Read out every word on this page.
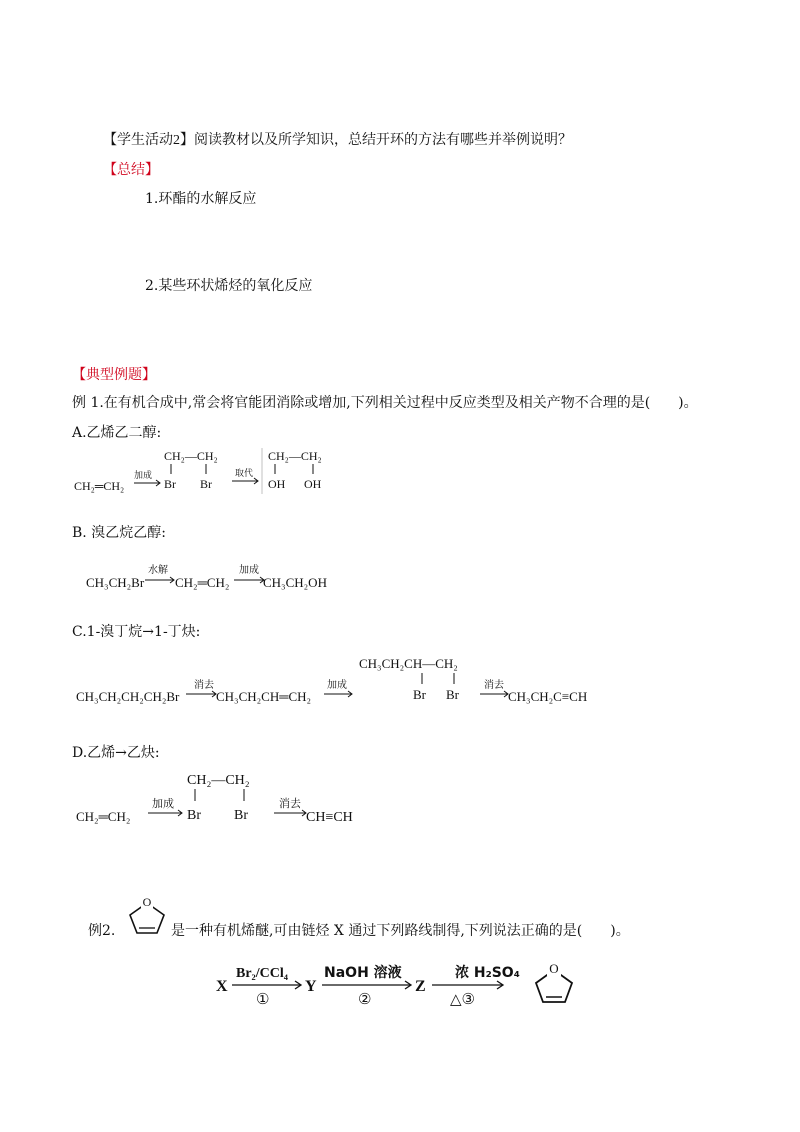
【学生活动2】阅读教材以及所学知识，总结开环的方法有哪些并举例说明？
【总结】
1.环酯的水解反应
2.某些环状烯烃的氧化反应
【典型例题】
例 1.在有机合成中,常会将官能团消除或增加,下列相关过程中反应类型及相关产物不合理的是(　　)。
A.乙烯乙二醇:
CH₂═CH₂
加成
CH₂—CH₂
Br Br
取代
CH₂—CH₂
OH OH
B. 溴乙烷乙醇:
CH₃CH₂Br
水解
CH₂═CH₂
加成
CH₃CH₂OH
C.1-溴丁烷→1-丁炔:
CH₃CH₂CH₂CH₂Br
消去
CH₃CH₂CH═CH₂
加成
CH₃CH₂CH—CH₂
Br Br
消去
CH₃CH₂C≡CH
D.乙烯→乙炔:
CH₂═CH₂
加成
CH₂—CH₂
Br Br
消去
CH≡CH
例2.
O
是一种有机烯醚,可由链烃 X 通过下列路线制得,下列说法正确的是(　　)。
X
Br₂/CCl₄
①
Y
NaOH 溶液
②
Z
浓 H₂SO₄
△③
O
